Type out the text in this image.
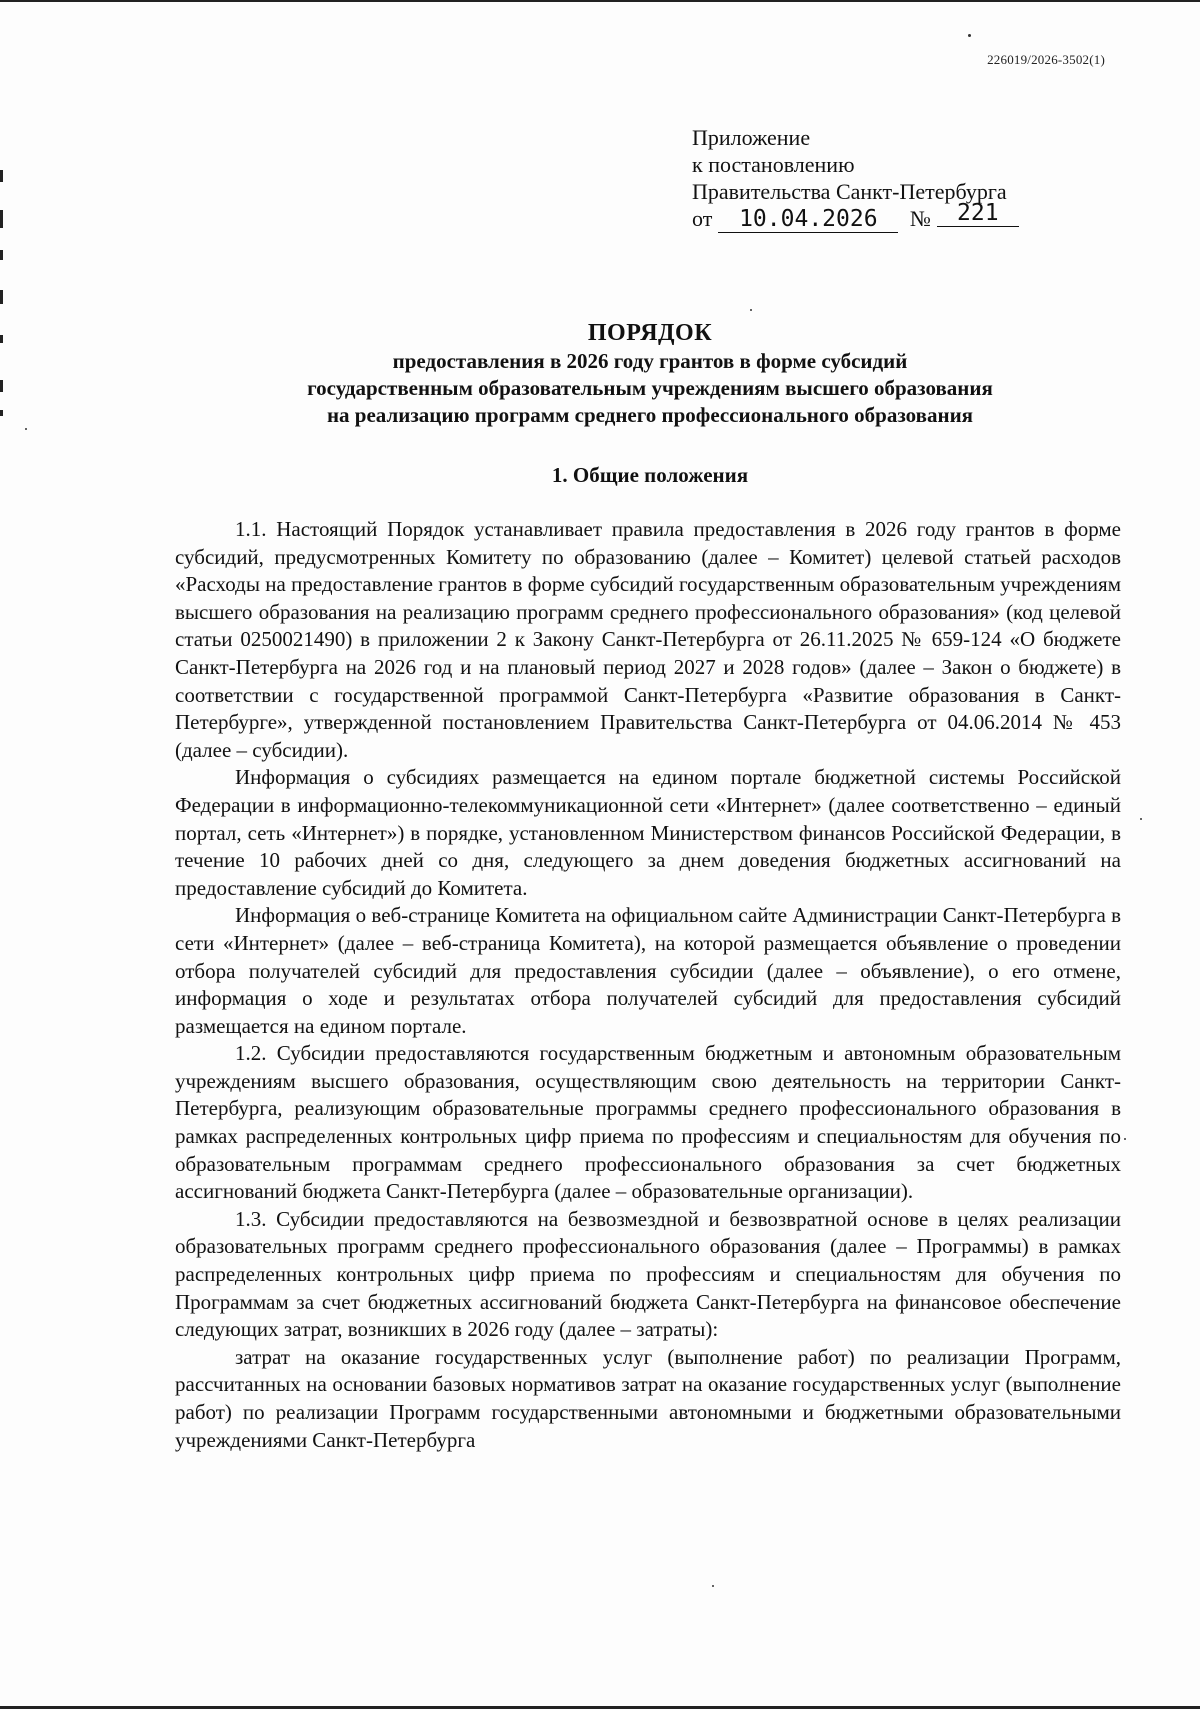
226019/2026-3502(1)
Приложение
к постановлению
Правительства Санкт-Петербурга
от 10.04.2026 № 221
ПОРЯДОК
предоставления в 2026 году грантов в форме субсидий
государственным образовательным учреждениям высшего образования
на реализацию программ среднего профессионального образования
1. Общие положения

1.1. Настоящий Порядок устанавливает правила предоставления в 2026 году грантов в форме субсидий, предусмотренных Комитету по образованию (далее – Комитет) целевой статьей расходов «Расходы на предоставление грантов в форме субсидий государственным образовательным учреждениям высшего образования на реализацию программ среднего профессионального образования» (код целевой статьи 0250021490) в приложении 2 к Закону Санкт-Петербурга от 26.11.2025 № 659-124 «О бюджете Санкт-Петербурга на 2026 год и на плановый период 2027 и 2028 годов» (далее – Закон о бюджете) в соответствии с государственной программой Санкт-Петербурга «Развитие образования в Санкт-Петербурге», утвержденной постановлением Правительства Санкт-Петербурга от 04.06.2014 № 453 (далее – субсидии).

Информация о субсидиях размещается на едином портале бюджетной системы Российской Федерации в информационно-телекоммуникационной сети «Интернет» (далее соответственно – единый портал, сеть «Интернет») в порядке, установленном Министерством финансов Российской Федерации, в течение 10 рабочих дней со дня, следующего за днем доведения бюджетных ассигнований на предоставление субсидий до Комитета.

Информация о веб-странице Комитета на официальном сайте Администрации Санкт-Петербурга в сети «Интернет» (далее – веб-страница Комитета), на которой размещается объявление о проведении отбора получателей субсидий для предоставления субсидии (далее – объявление), о его отмене, информация о ходе и результатах отбора получателей субсидий для предоставления субсидий размещается на едином портале.

1.2. Субсидии предоставляются государственным бюджетным и автономным образовательным учреждениям высшего образования, осуществляющим свою деятельность на территории Санкт-Петербурга, реализующим образовательные программы среднего профессионального образования в рамках распределенных контрольных цифр приема по профессиям и специальностям для обучения по образовательным программам среднего профессионального образования за счет бюджетных ассигнований бюджета Санкт-Петербурга (далее – образовательные организации).

1.3. Субсидии предоставляются на безвозмездной и безвозвратной основе в целях реализации образовательных программ среднего профессионального образования (далее – Программы) в рамках распределенных контрольных цифр приема по профессиям и специальностям для обучения по Программам за счет бюджетных ассигнований бюджета Санкт-Петербурга на финансовое обеспечение следующих затрат, возникших в 2026 году (далее – затраты):

затрат на оказание государственных услуг (выполнение работ) по реализации Программ, рассчитанных на основании базовых нормативов затрат на оказание государственных услуг (выполнение работ) по реализации Программ государственными автономными и бюджетными образовательными учреждениями Санкт-Петербурга
